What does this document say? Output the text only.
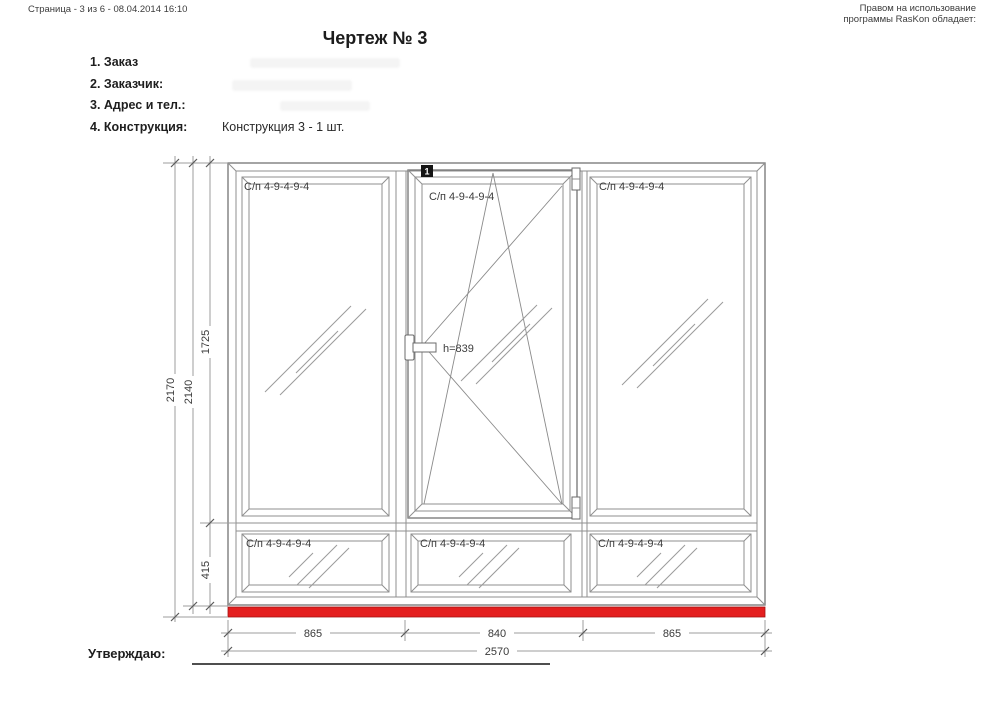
Страница - 3 из 6 - 08.04.2014 16:10	Правом на использование
программы RasKon обладает:
Чертеж № 3
1. Заказ
2. Заказчик:
3. Адрес и тел.:
4. Конструкция:	Конструкция 3 - 1 шт.
С/п 4-9-4-9-4	С/п 4-9-4-9-4
1
С/п 4-9-4-9-4
h=839
С/п 4-9-4-9-4	С/п 4-9-4-9-4	С/п 4-9-4-9-4
2170 2140
1725
415
865	840	865
2570
Утверждаю:
